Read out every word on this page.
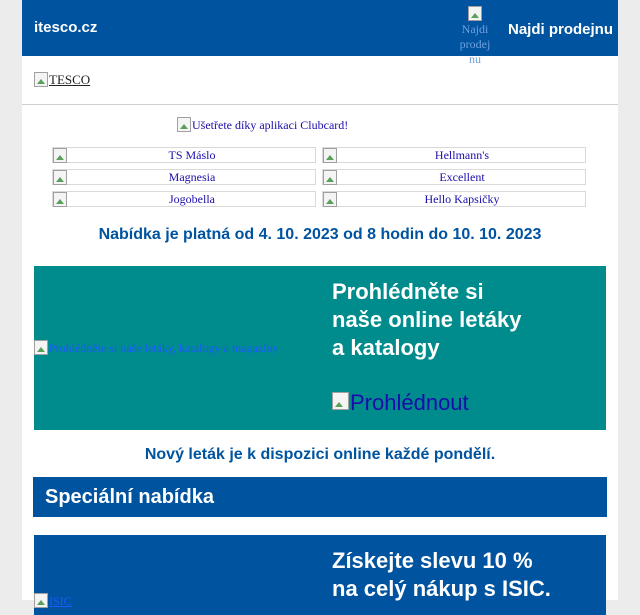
itesco.cz	Najdi prodejnu
Najdi prodejnu
TESCO
Ušetřete díky aplikaci Clubcard!
TS Máslo	Hellmann's
Magnesia	Excellent
Jogobella	Hello Kapsičky
Nabídka je platná od 4. 10. 2023 od 8 hodin do 10. 10. 2023
Prohlédněte si naše letáky, katalogy a magazíny
Prohlédněte si
naše online letáky
a katalogy
Prohlédnout
Nový leták je k dispozici online každé pondělí.
Speciální nabídka
ISIC
Získejte slevu 10 %
na celý nákup s ISIC.
